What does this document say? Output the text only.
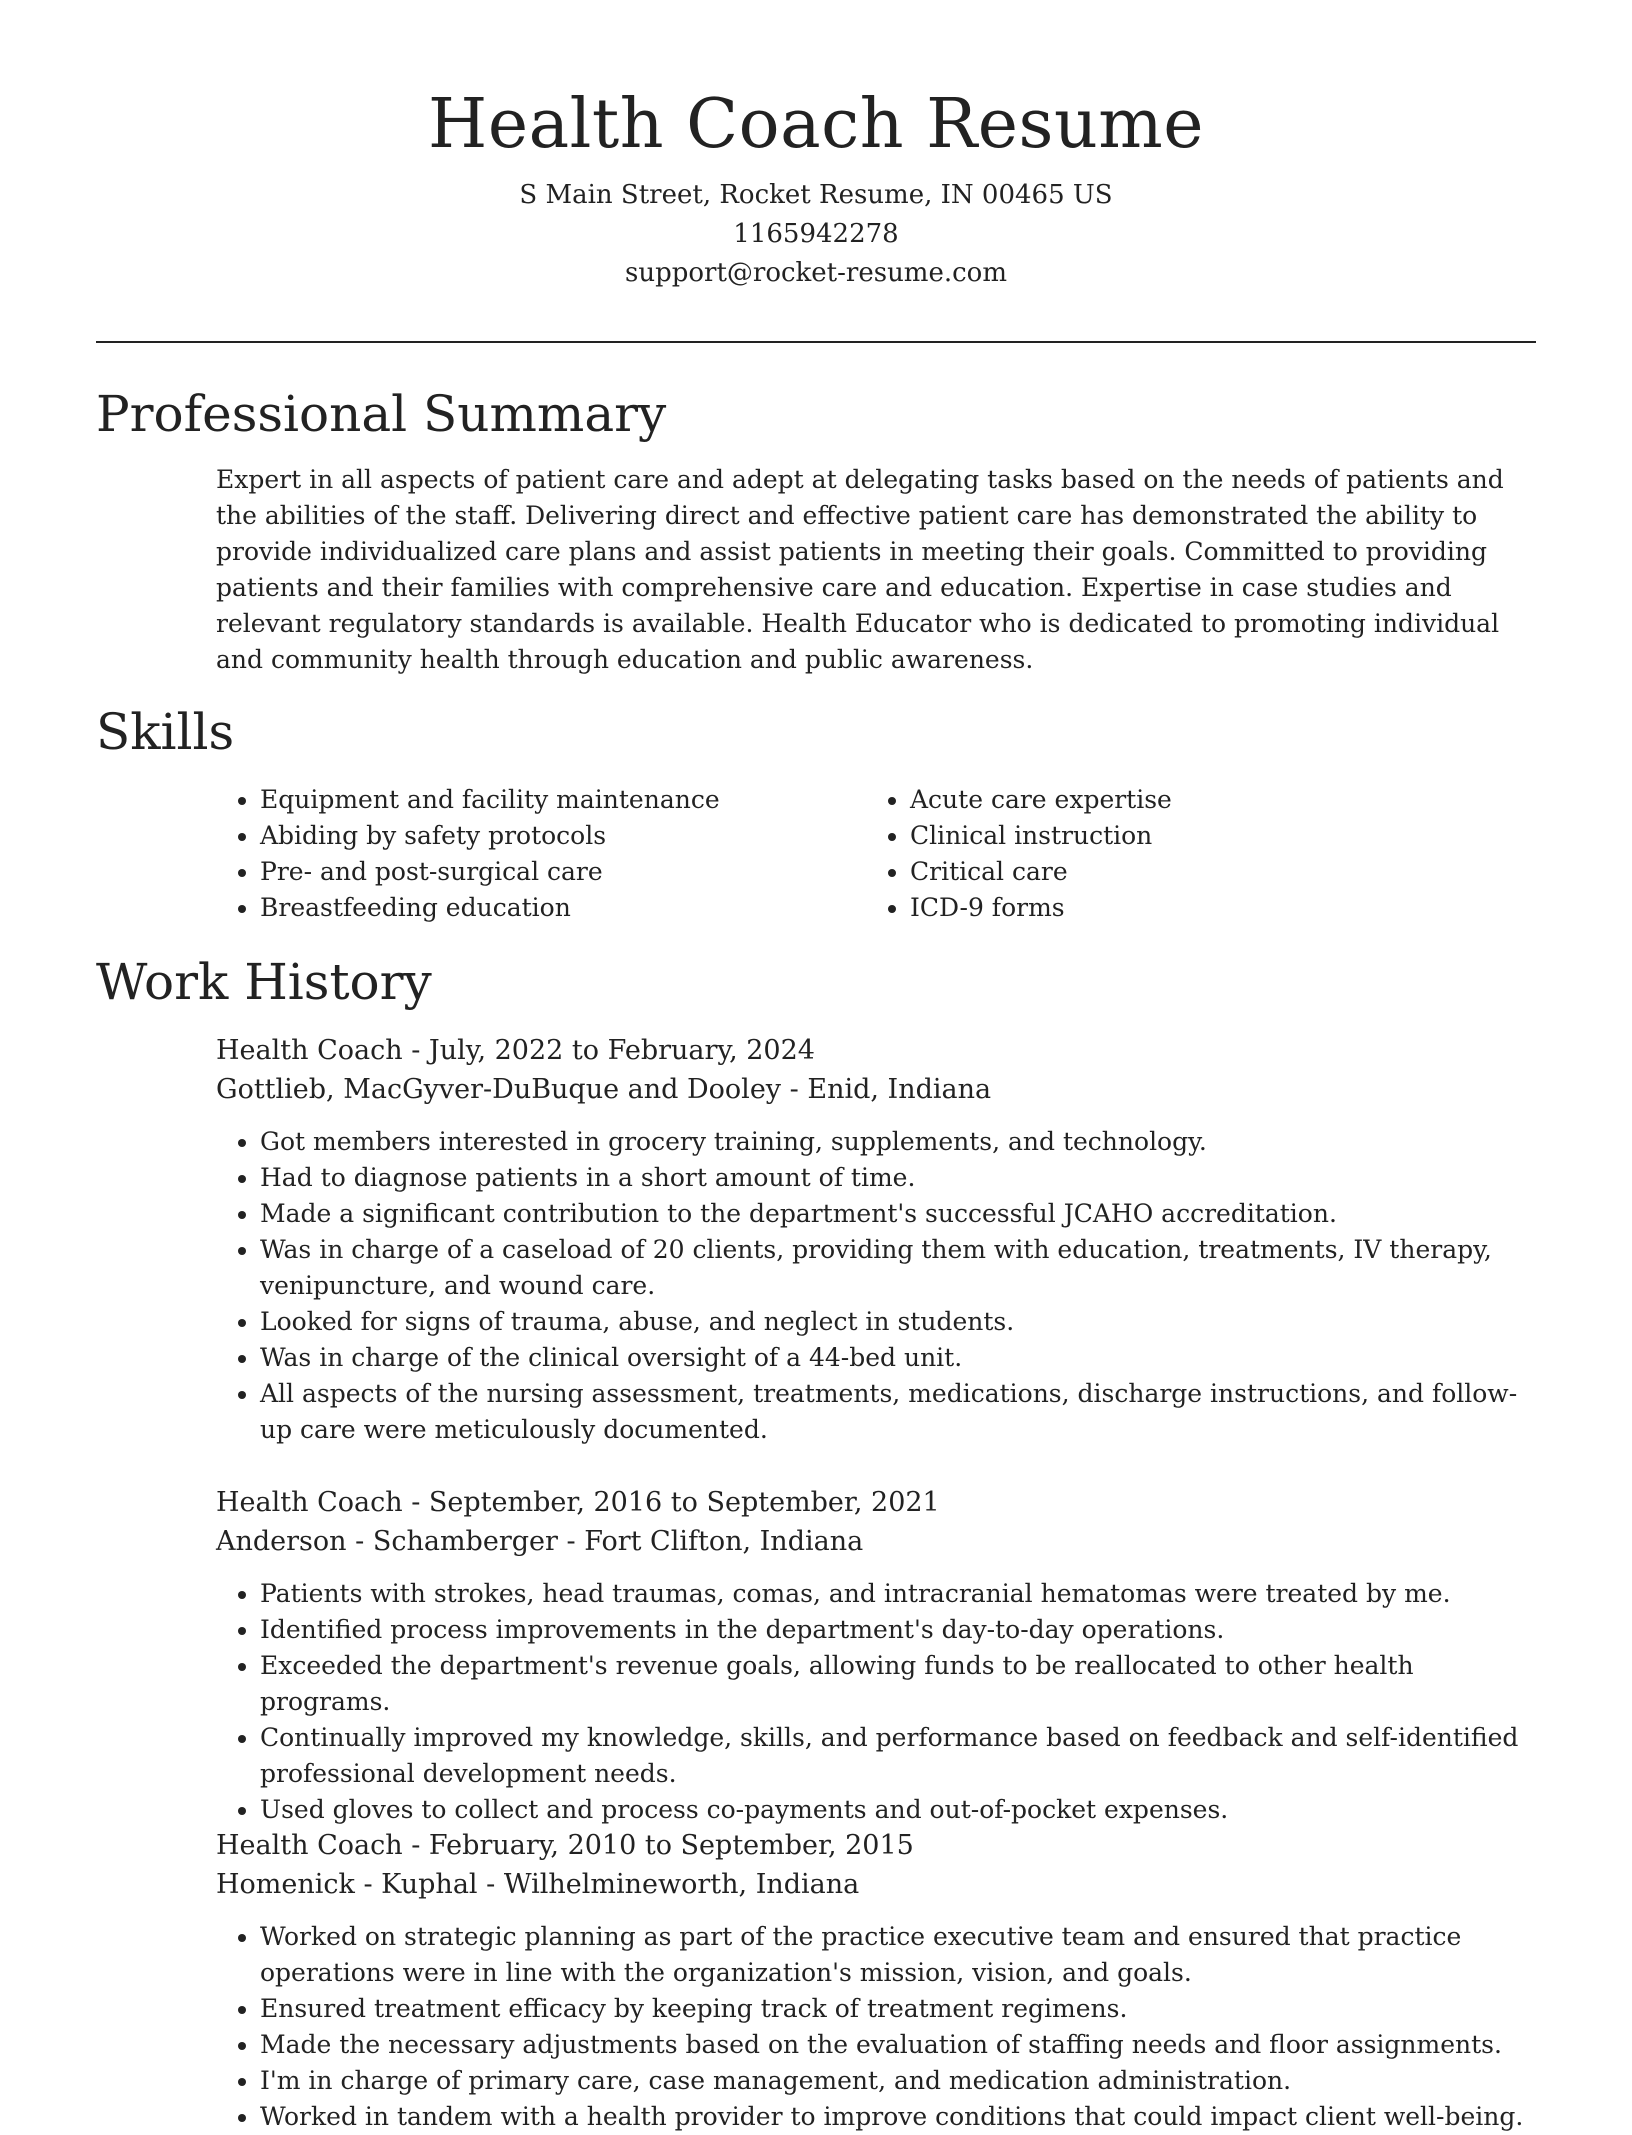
Health Coach Resume

S Main Street, Rocket Resume, IN 00465 US

1165942278

support@rocket-resume.com

Professional Summary

Expert in all aspects of patient care and adept at delegating tasks based on the needs of patients and the abilities of the staff. Delivering direct and effective patient care has demonstrated the ability to provide individualized care plans and assist patients in meeting their goals. Committed to providing patients and their families with comprehensive care and education. Expertise in case studies and relevant regulatory standards is available. Health Educator who is dedicated to promoting individual and community health through education and public awareness.

Skills
• Equipment and facility maintenance
• Abiding by safety protocols
• Pre- and post-surgical care
• Breastfeeding education
• Acute care expertise
• Clinical instruction
• Critical care
• ICD-9 forms
Work History

Health Coach - July, 2022 to February, 2024

Gottlieb, MacGyver-DuBuque and Dooley - Enid, Indiana

• Got members interested in grocery training, supplements, and technology.
• Had to diagnose patients in a short amount of time.
• Made a significant contribution to the department's successful JCAHO accreditation.
• Was in charge of a caseload of 20 clients, providing them with education, treatments, IV therapy, venipuncture, and wound care.
• Looked for signs of trauma, abuse, and neglect in students.
• Was in charge of the clinical oversight of a 44-bed unit.
• All aspects of the nursing assessment, treatments, medications, discharge instructions, and follow-up care were meticulously documented.

Health Coach - September, 2016 to September, 2021

Anderson - Schamberger - Fort Clifton, Indiana

• Patients with strokes, head traumas, comas, and intracranial hematomas were treated by me.
• Identified process improvements in the department's day-to-day operations.
• Exceeded the department's revenue goals, allowing funds to be reallocated to other health programs.
• Continually improved my knowledge, skills, and performance based on feedback and self-identified professional development needs.
• Used gloves to collect and process co-payments and out-of-pocket expenses.

Health Coach - February, 2010 to September, 2015

Homenick - Kuphal - Wilhelmineworth, Indiana

• Worked on strategic planning as part of the practice executive team and ensured that practice operations were in line with the organization's mission, vision, and goals.
• Ensured treatment efficacy by keeping track of treatment regimens.
• Made the necessary adjustments based on the evaluation of staffing needs and floor assignments.
• I'm in charge of primary care, case management, and medication administration.
• Worked in tandem with a health provider to improve conditions that could impact client well-being.
